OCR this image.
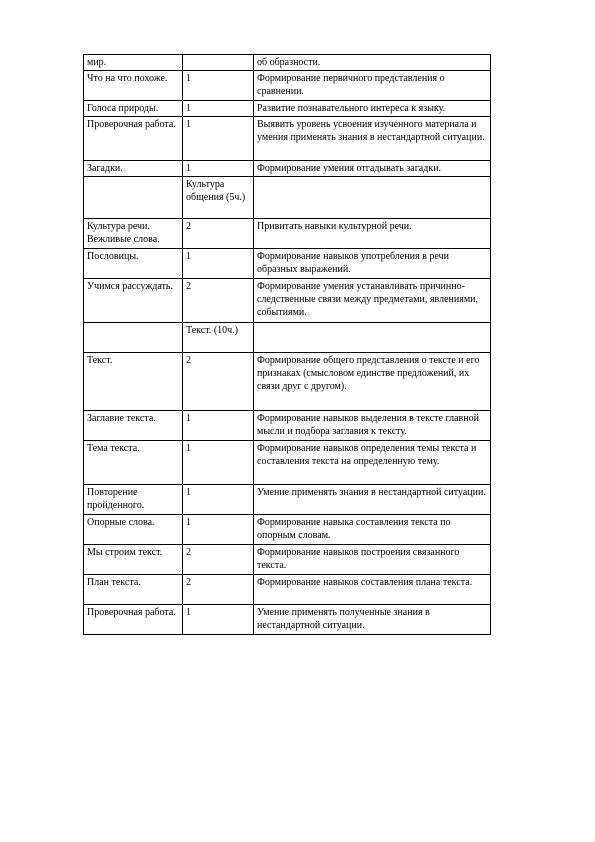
мир.		об образности.
Что на что похоже.	1	Формирование первичного представления о сравнении.
Голоса природы.	1	Развитие познавательного интереса к языку.
Проверочная работа.	1	Выявить уровень усвоения изученного материала и умения применять знания в нестандартной ситуации.
Загадки.	1	Формирование умения отгадывать загадки.
	Культура общения (5ч.)	
Культура речи. Вежливые слова.	2	Привитать навыки культурной речи.
Пословицы.	1	Формирование навыков употребления в речи образных выражений.
Учимся рассуждать.	2	Формирование умения устанавливать причинно-следственные связи между предметами, явлениями, событиями.
	Текст. (10ч.)	
Текст.	2	Формирование общего представления о тексте и его признаках (смысловом единстве предложений, их связи друг с другом).
Заглавие текста.	1	Формирование навыков выделения в тексте главной мысли и подбора заглавия к тексту.
Тема текста.	1	Формирование навыков определения темы текста и составления текста на определенную тему.
Повторение пройденного.	1	Умение применять знания в нестандартной ситуации.
Опорные слова.	1	Формирование навыка составления текста по опорным словам.
Мы строим текст.	2	Формирование навыков построения связанного текста.
План текста.	2	Формирование навыков составления плана текста.
Проверочная работа.	1	Умение применять полученные знания в нестандартной ситуации.
